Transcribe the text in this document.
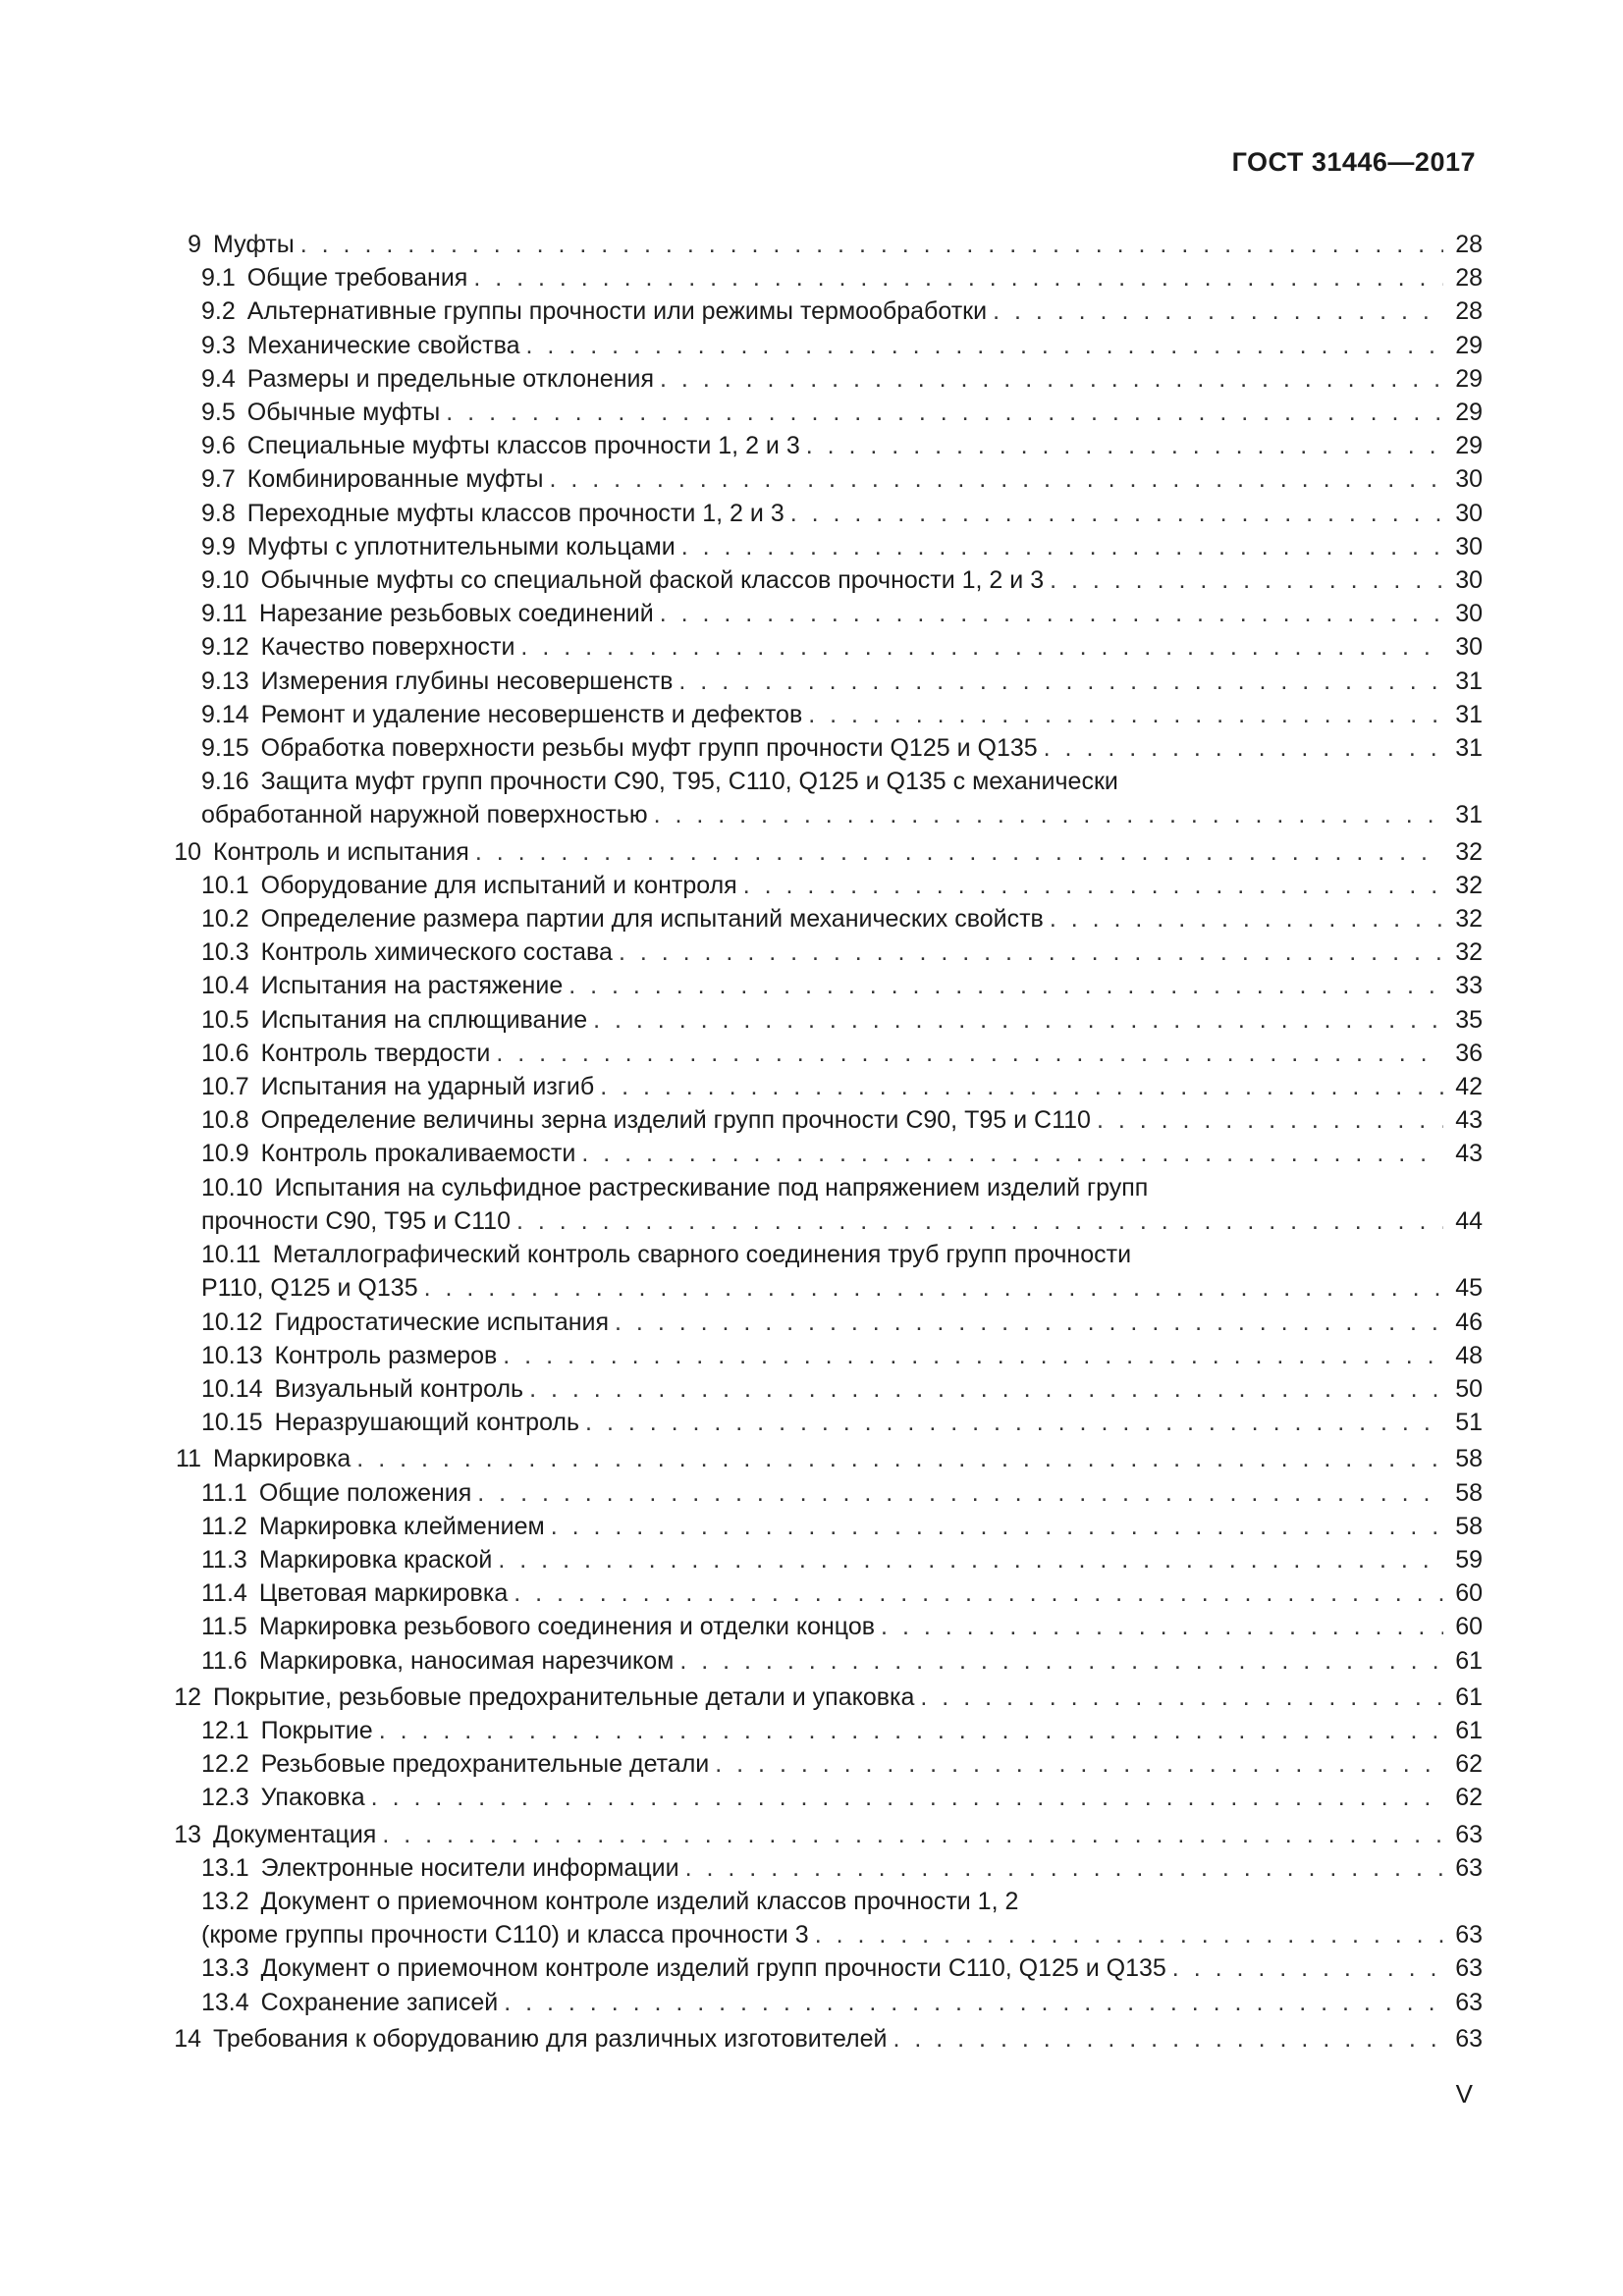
ГОСТ 31446—2017
9 Муфты . . .	28
9.1 Общие требования . . .	28
9.2 Альтернативные группы прочности или режимы термообработки . . .	28
9.3 Механические свойства . . .	29
9.4 Размеры и предельные отклонения . . .	29
9.5 Обычные муфты . . .	29
9.6 Специальные муфты классов прочности 1, 2 и 3 . . .	29
9.7 Комбинированные муфты . . .	30
9.8 Переходные муфты классов прочности 1, 2 и 3 . . .	30
9.9 Муфты с уплотнительными кольцами . . .	30
9.10 Обычные муфты со специальной фаской классов прочности 1, 2 и 3 . . .	30
9.11 Нарезание резьбовых соединений . . .	30
9.12 Качество поверхности . . .	30
9.13 Измерения глубины несовершенств . . .	31
9.14 Ремонт и удаление несовершенств и дефектов . . .	31
9.15 Обработка поверхности резьбы муфт групп прочности Q125 и Q135 . . .	31
9.16 Защита муфт групп прочности С90, Т95, С110, Q125 и Q135 с механически
обработанной наружной поверхностью . . .	31
10 Контроль и испытания . . .	32
10.1 Оборудование для испытаний и контроля . . .	32
10.2 Определение размера партии для испытаний механических свойств . . .	32
10.3 Контроль химического состава . . .	32
10.4 Испытания на растяжение . . .	33
10.5 Испытания на сплющивание . . .	35
10.6 Контроль твердости . . .	36
10.7 Испытания на ударный изгиб . . .	42
10.8 Определение величины зерна изделий групп прочности С90, Т95 и С110 . . .	43
10.9 Контроль прокаливаемости . . .	43
10.10 Испытания на сульфидное растрескивание под напряжением изделий групп
прочности С90, Т95 и С110 . . .	44
10.11 Металлографический контроль сварного соединения труб групп прочности
Р110, Q125 и Q135 . . .	45
10.12 Гидростатические испытания . . .	46
10.13 Контроль размеров . . .	48
10.14 Визуальный контроль . . .	50
10.15 Неразрушающий контроль . . .	51
11 Маркировка . . .	58
11.1 Общие положения . . .	58
11.2 Маркировка клеймением . . .	58
11.3 Маркировка краской . . .	59
11.4 Цветовая маркировка . . .	60
11.5 Маркировка резьбового соединения и отделки концов . . .	60
11.6 Маркировка, наносимая нарезчиком . . .	61
12 Покрытие, резьбовые предохранительные детали и упаковка . . .	61
12.1 Покрытие . . .	61
12.2 Резьбовые предохранительные детали . . .	62
12.3 Упаковка . . .	62
13 Документация . . .	63
13.1 Электронные носители информации . . .	63
13.2 Документ о приемочном контроле изделий классов прочности 1, 2
(кроме группы прочности С110) и класса прочности 3 . . .	63
13.3 Документ о приемочном контроле изделий групп прочности С110, Q125 и Q135 . . .	63
13.4 Сохранение записей . . .	63
14 Требования к оборудованию для различных изготовителей . . .	63
V
